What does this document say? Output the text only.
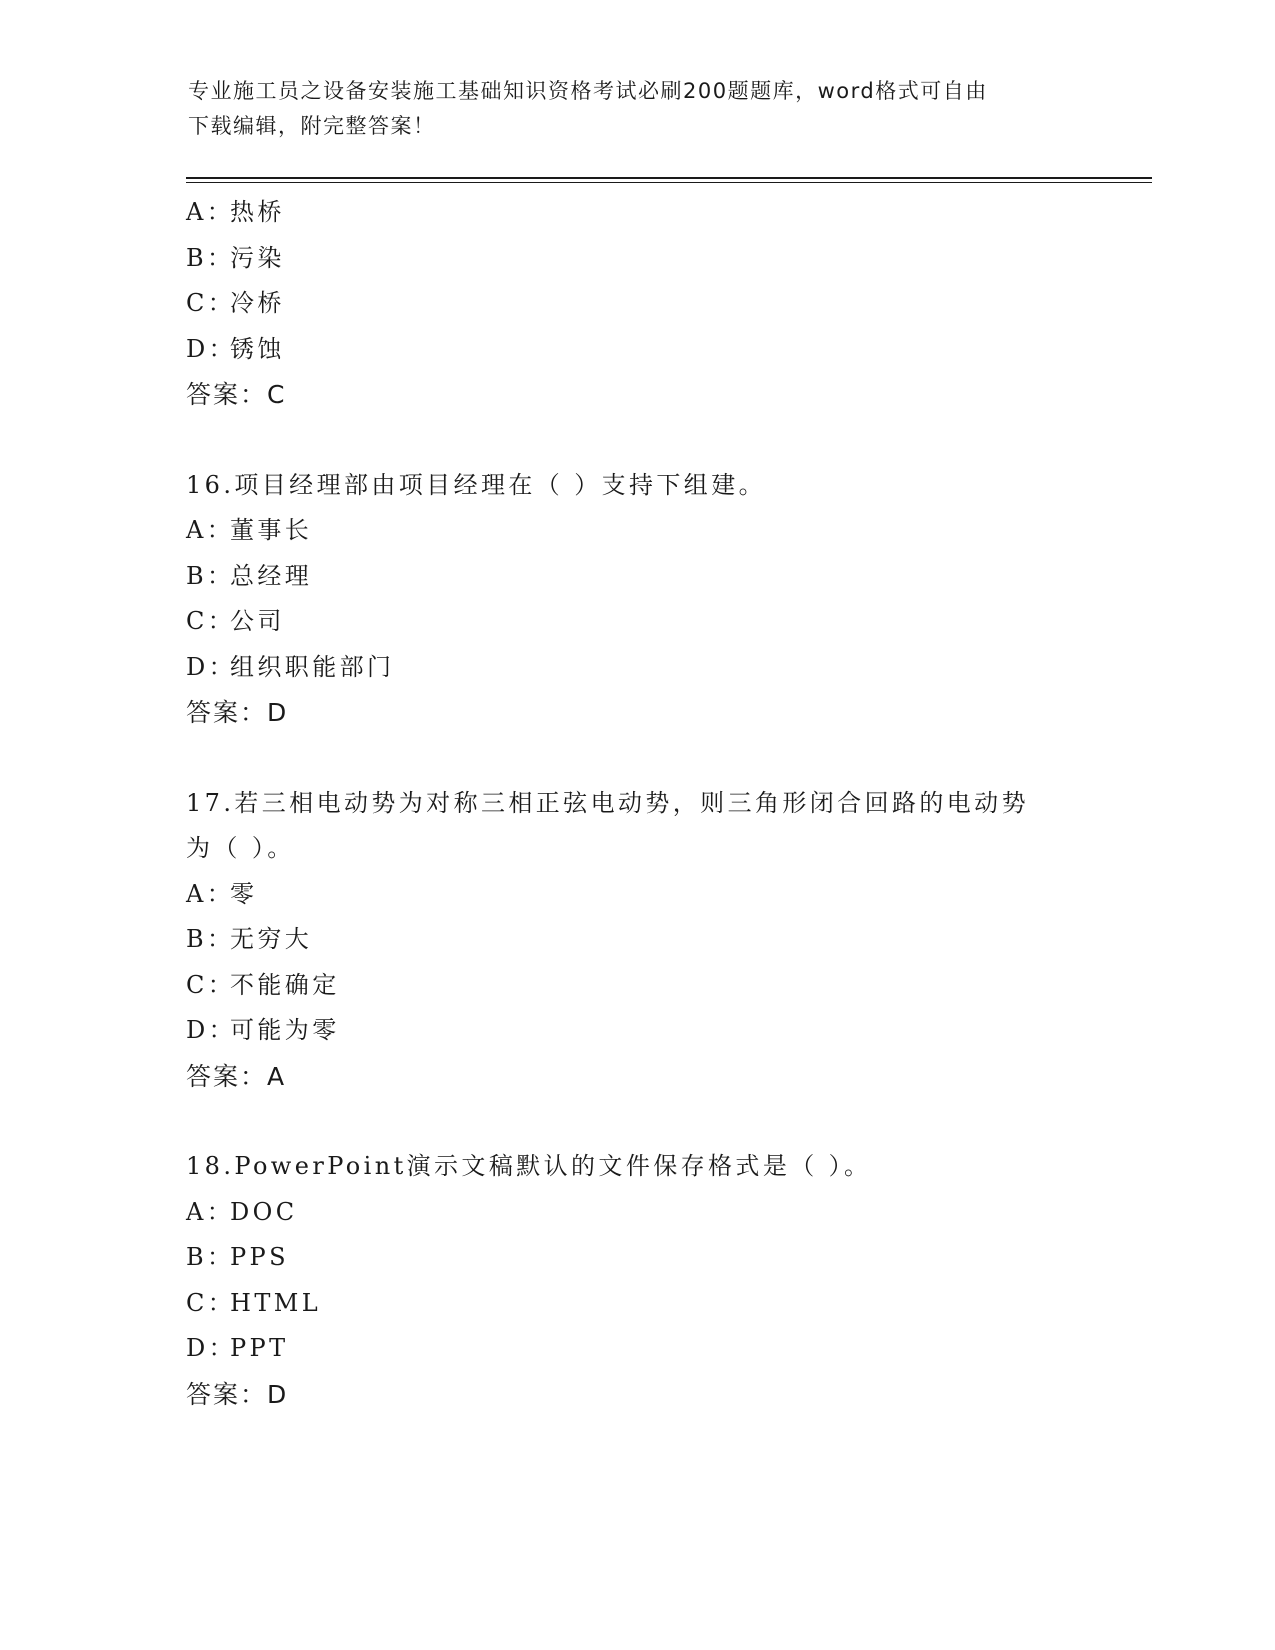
专业施工员之设备安装施工基础知识资格考试必刷200题题库，word格式可自由
下载编辑，附完整答案！
A：热桥
B：污染
C：冷桥
D：锈蚀
答案：C
16.项目经理部由项目经理在（ ）支持下组建。
A：董事长
B：总经理
C：公司
D：组织职能部门
答案：D
17.若三相电动势为对称三相正弦电动势，则三角形闭合回路的电动势
为（ ）。
A：零
B：无穷大
C：不能确定
D：可能为零
答案：A
18.PowerPoint演示文稿默认的文件保存格式是（ ）。
A：DOC
B：PPS
C：HTML
D：PPT
答案：D
